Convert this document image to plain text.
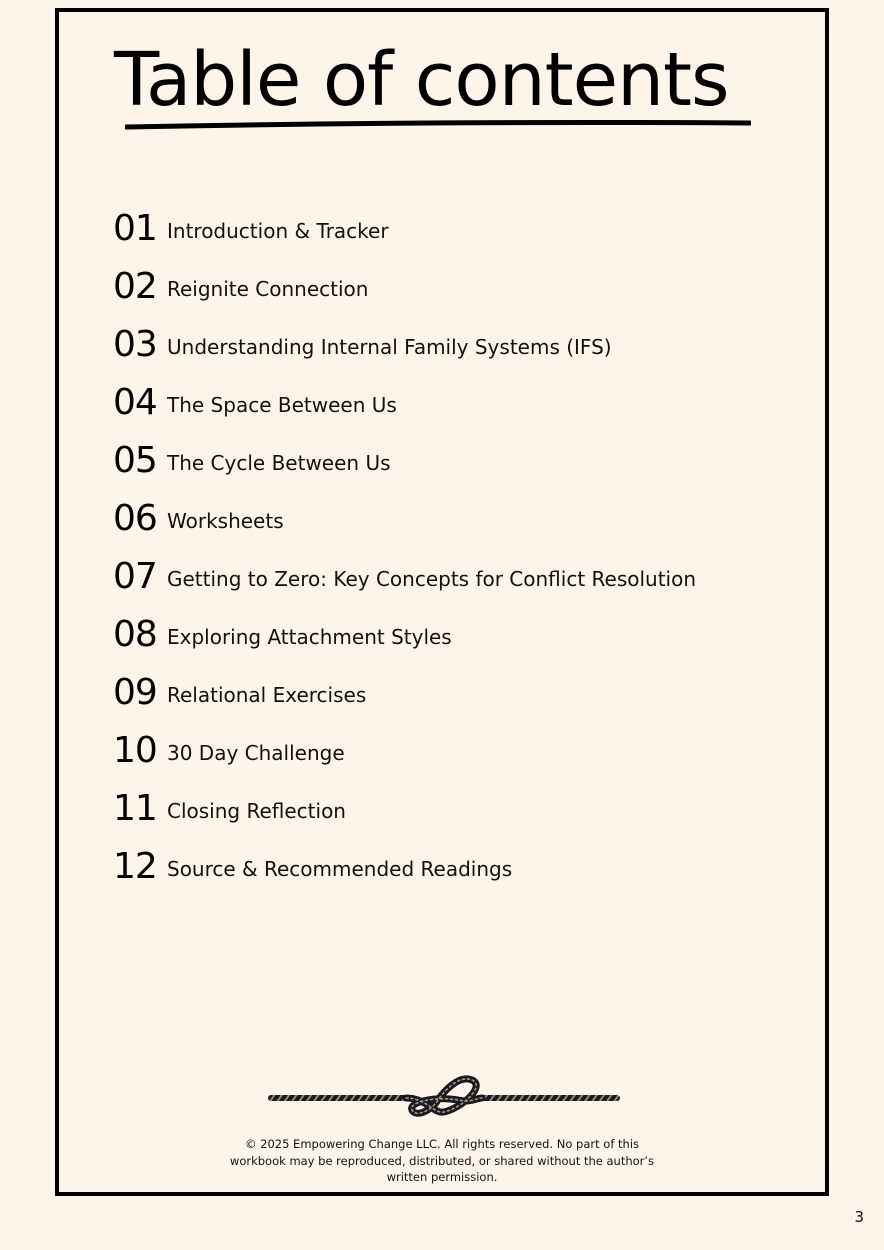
Table of contents
01 Introduction & Tracker
02 Reignite Connection
03 Understanding Internal Family Systems (IFS)
04 The Space Between Us
05 The Cycle Between Us
06 Worksheets
07 Getting to Zero: Key Concepts for Conflict Resolution
08 Exploring Attachment Styles
09 Relational Exercises
10 30 Day Challenge
11 Closing Reflection
12 Source & Recommended Readings

© 2025 Empowering Change LLC. All rights reserved. No part of this workbook may be reproduced, distributed, or shared without the author’s written permission.

3
